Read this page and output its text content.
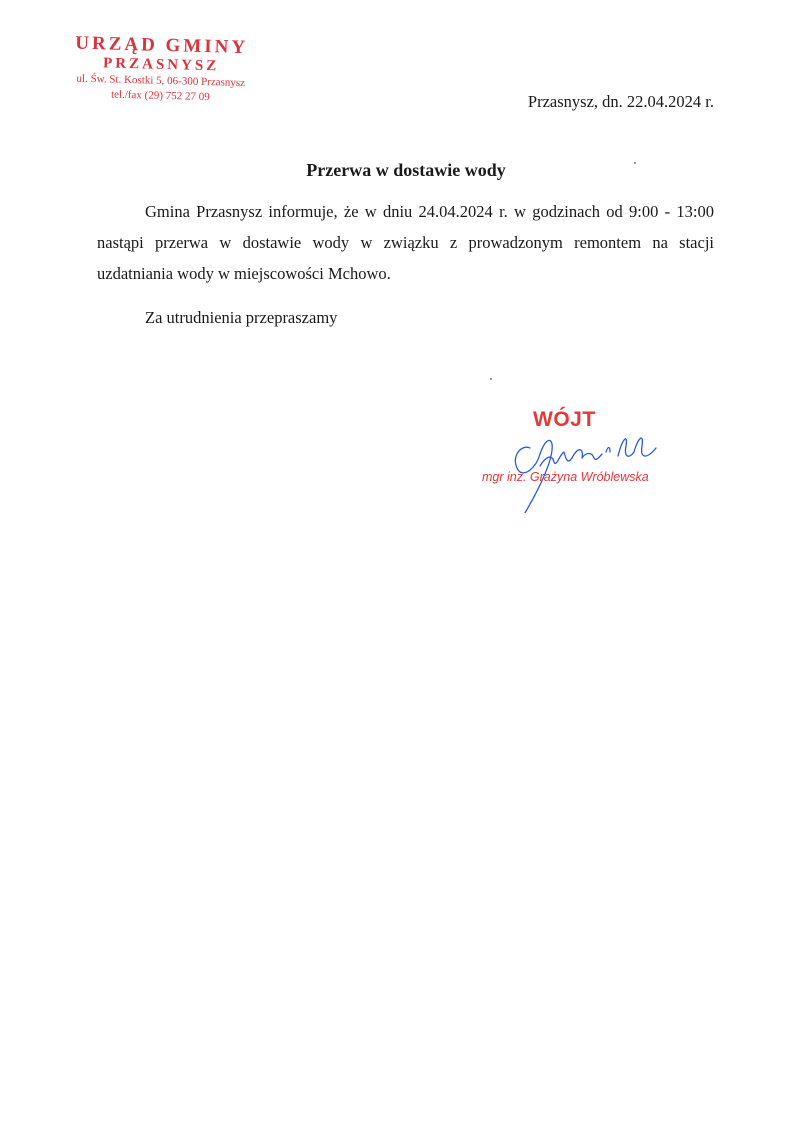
URZĄD GMINY
PRZASNYSZ
ul. Św. St. Kostki 5, 06-300 Przasnysz
tel./fax (29) 752 27 09	Przasnysz, dn. 22.04.2024 r.
Przerwa w dostawie wody

Gmina Przasnysz informuje, że w dniu 24.04.2024 r. w godzinach od 9:00 - 13:00 nastąpi przerwa w dostawie wody w związku z prowadzonym remontem na stacji uzdatniania wody w miejscowości Mchowo.

Za utrudnienia przepraszamy
WÓJT
mgr inż. Grażyna Wróblewska
